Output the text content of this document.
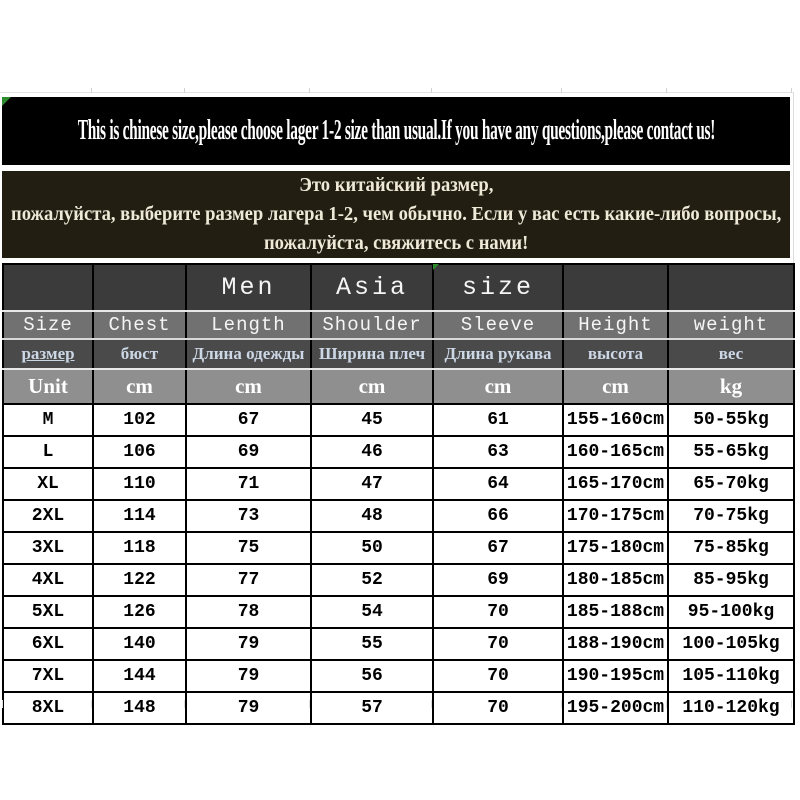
This is chinese size,please choose lager 1-2 size than usual.If you have any questions,please contact us!
Это китайский размер,
пожалуйста, выберите размер лагера 1-2, чем обычно. Если у вас есть какие-либо вопросы,
пожалуйста, свяжитесь с нами!
		Men	Asia	size		
Size	Chest	Length	Shoulder	Sleeve	Height	weight
размер	бюст	Длина одежды	Ширина плеч	Длина рукава	высота	вес
Unit	cm	cm	cm	cm	cm	kg
M	102	67	45	61	155-160cm	50-55kg
L	106	69	46	63	160-165cm	55-65kg
XL	110	71	47	64	165-170cm	65-70kg
2XL	114	73	48	66	170-175cm	70-75kg
3XL	118	75	50	67	175-180cm	75-85kg
4XL	122	77	52	69	180-185cm	85-95kg
5XL	126	78	54	70	185-188cm	95-100kg
6XL	140	79	55	70	188-190cm	100-105kg
7XL	144	79	56	70	190-195cm	105-110kg
8XL	148	79	57	70	195-200cm	110-120kg
